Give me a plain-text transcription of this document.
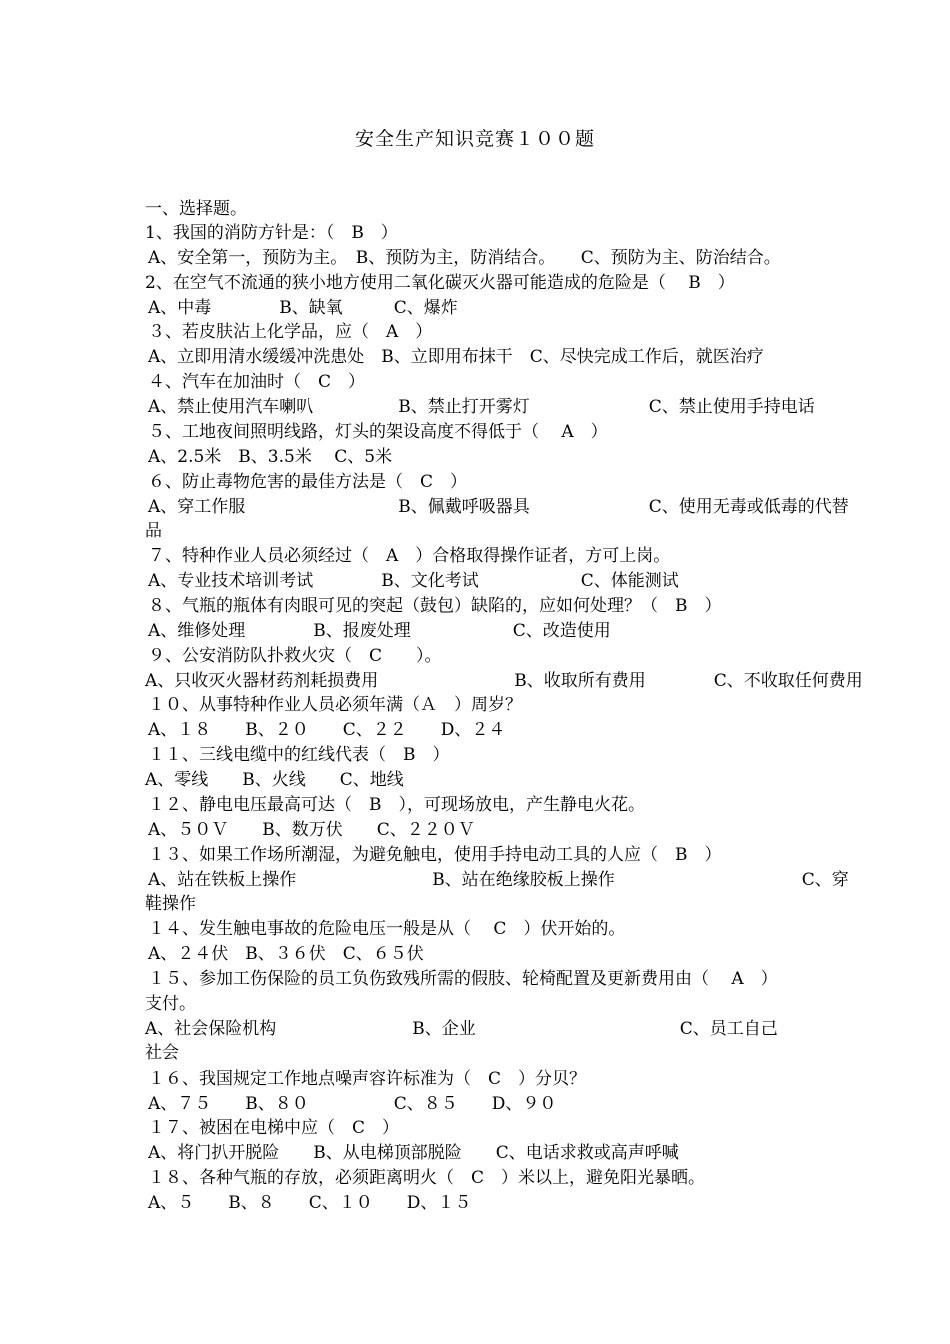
安全生产知识竞赛１００题
一、选择题。
1、我国的消防方针是：（　B　）
A、安全第一，预防为主。　B、预防为主，防消结合。　　C、预防为主、防治结合。
2、在空气不流通的狭小地方使用二氧化碳灭火器可能造成的危险是（　 B　）
A、中毒　　　　B、缺氧　　　C、爆炸
３、若皮肤沾上化学品，应（　A　）
A、立即用清水缓缓冲洗患处　B、立即用布抹干　C、尽快完成工作后，就医治疗
４、汽车在加油时（　C　）
A、禁止使用汽车喇叭　　　　　B、禁止打开雾灯　　　　　　　C、禁止使用手持电话
５、工地夜间照明线路，灯头的架设高度不得低于（　 A　）
A、2.5米　B、3.5米　 C、5米
６、防止毒物危害的最佳方法是（　C　）
A、穿工作服　　　　　　　　　B、佩戴呼吸器具　　　　　　　C、使用无毒或低毒的代替
品
７、特种作业人员必须经过（　A　）合格取得操作证者，方可上岗。
A、专业技术培训考试　　　　B、文化考试　　　　　　C、体能测试
８、气瓶的瓶体有肉眼可见的突起（鼓包）缺陷的，应如何处理？（　B　）
A、维修处理　　　　B、报废处理　　　　　　C、改造使用
９、公安消防队扑救火灾（　C　　）。
A、只收灭火器材药剂耗损费用　　　　　　　　B、收取所有费用　　　　C、不收取任何费用
１０、从事特种作业人员必须年满（Ａ　）周岁？
A、１８　　B、２０　　C、２２　　D、２４
１１、三线电缆中的红线代表（　B　）
A、零线　　B、火线　　C、地线
１２、静电电压最高可达（　B　），可现场放电，产生静电火花。
A、５０Ｖ　　B、数万伏　　C、２２０Ｖ
１３、如果工作场所潮湿，为避免触电，使用手持电动工具的人应（　B　）
A、站在铁板上操作　　　　　　　　B、站在绝缘胶板上操作　　　　　　　　　　　C、穿
鞋操作
１４、发生触电事故的危险电压一般是从（　 C　）伏开始的。
A、２４伏　B、３６伏　C、６５伏
１５、参加工伤保险的员工负伤致残所需的假肢、轮椅配置及更新费用由（　 A　）
支付。
A、社会保险机构　　　　　　　　B、企业　　　　　　　　　　　　C、员工自己
社会
１６、我国规定工作地点噪声容许标准为（　C　）分贝？
A、７５　　B、８０　　　　　C、８５　　D、９０
１７、被困在电梯中应（　C　）
A、将门扒开脱险　　B、从电梯顶部脱险　　C、电话求救或高声呼喊
１８、各种气瓶的存放，必须距离明火（　C　）米以上，避免阳光暴晒。
A、５　　B、８　　C、１０　　D、１５
